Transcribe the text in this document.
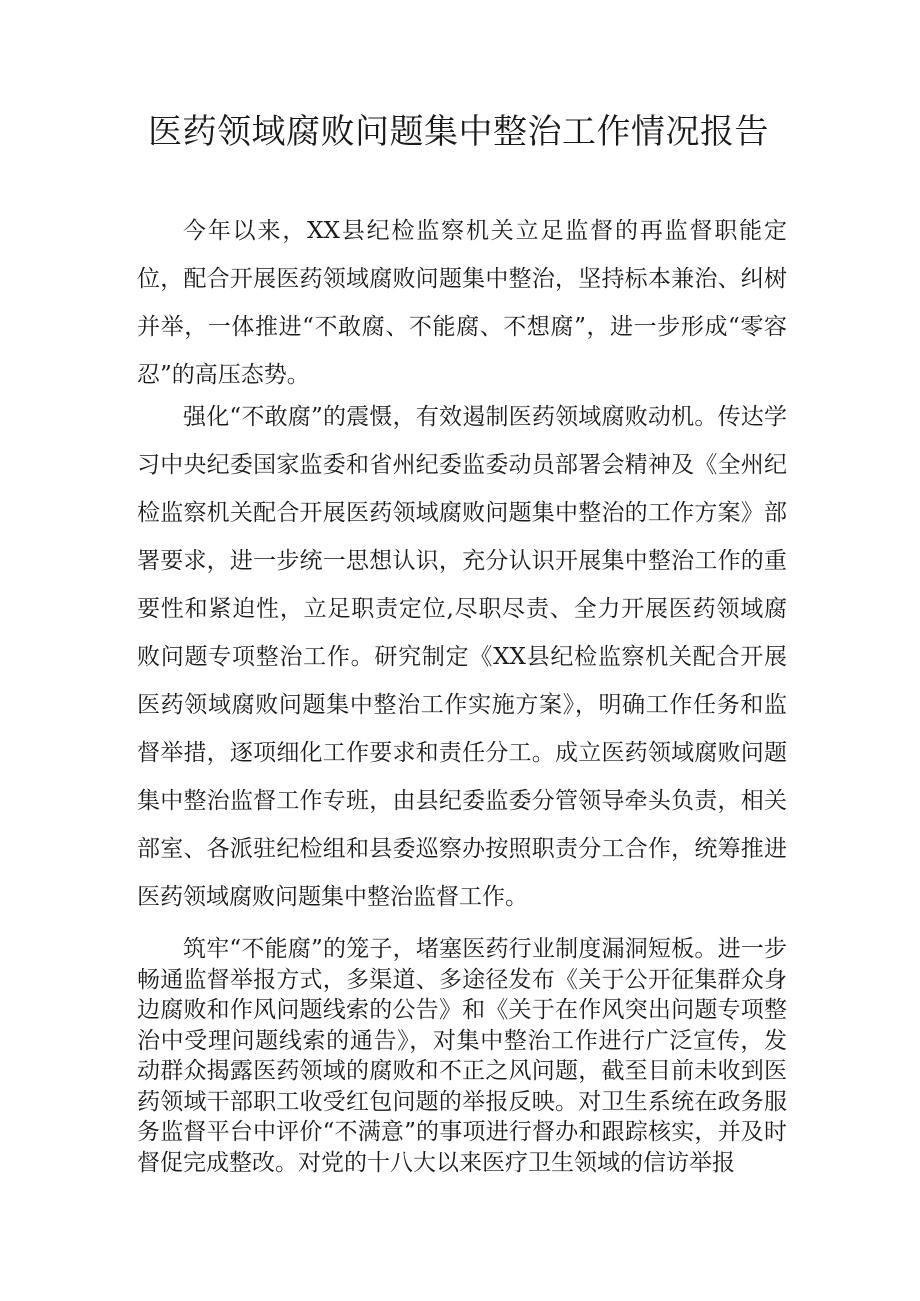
医药领域腐败问题集中整治工作情况报告

今年以来，XX县纪检监察机关立足监督的再监督职能定位，配合开展医药领域腐败问题集中整治，坚持标本兼治、纠树并举，一体推进“不敢腐、不能腐、不想腐”，进一步形成“零容忍”的高压态势。

强化“不敢腐”的震慑，有效遏制医药领域腐败动机。传达学习中央纪委国家监委和省州纪委监委动员部署会精神及《全州纪检监察机关配合开展医药领域腐败问题集中整治的工作方案》部署要求，进一步统一思想认识，充分认识开展集中整治工作的重要性和紧迫性，立足职责定位,尽职尽责、全力开展医药领域腐败问题专项整治工作。研究制定《XX县纪检监察机关配合开展医药领域腐败问题集中整治工作实施方案》，明确工作任务和监督举措，逐项细化工作要求和责任分工。成立医药领域腐败问题集中整治监督工作专班，由县纪委监委分管领导牵头负责，相关部室、各派驻纪检组和县委巡察办按照职责分工合作，统筹推进医药领域腐败问题集中整治监督工作。

筑牢“不能腐”的笼子，堵塞医药行业制度漏洞短板。进一步畅通监督举报方式，多渠道、多途径发布《关于公开征集群众身边腐败和作风问题线索的公告》和《关于在作风突出问题专项整治中受理问题线索的通告》，对集中整治工作进行广泛宣传，发动群众揭露医药领域的腐败和不正之风问题，截至目前未收到医药领域干部职工收受红包问题的举报反映。对卫生系统在政务服务监督平台中评价“不满意”的事项进行督办和跟踪核实，并及时督促完成整改。对党的十八大以来医疗卫生领域的信访举报
